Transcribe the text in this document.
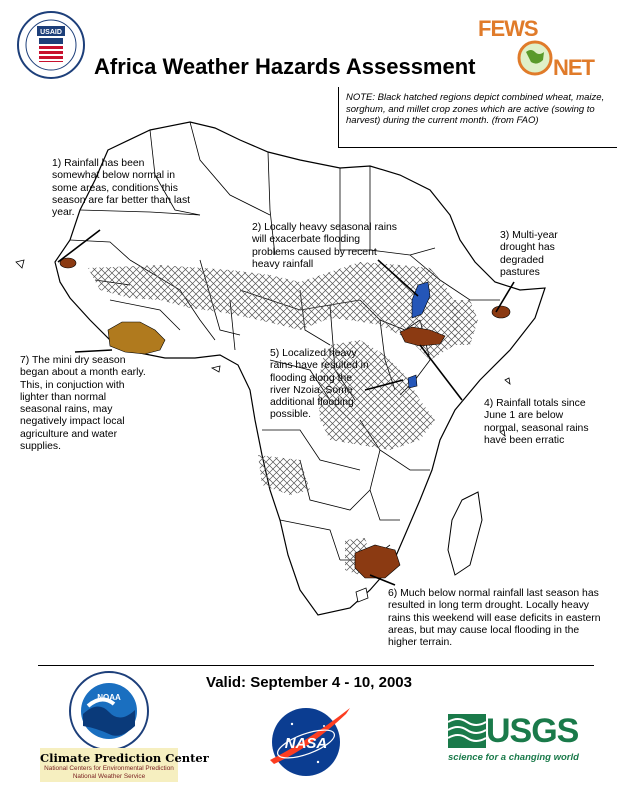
USAID
Africa Weather Hazards Assessment
FEWS
NET
NOTE: Black hatched regions depict combined wheat, maize, sorghum, and millet crop zones which are active (sowing to harvest) during the current month. (from FAO)
1) Rainfall has been somewhat below normal in some areas, conditions this season are far better than last year.
2) Locally heavy seasonal rains will exacerbate flooding problems caused by recent heavy rainfall
3) Multi-year drought has degraded pastures
4) Rainfall totals since June 1 are below normal, seasonal rains have been erratic
5) Localized heavy rains have resulted in flooding along the river Nzoia. Some additional flooding possible.
6) Much below normal rainfall last season has resulted in long term drought. Locally heavy rains this weekend will ease deficits in eastern areas, but may cause local flooding in the higher terrain.
7) The mini dry season began about a month early. This, in conjuction with lighter than normal seasonal rains, may negatively impact local agriculture and water supplies.
Valid: September 4 - 10, 2003
NOAA
Climate Prediction Center
National Centers for Environmental Prediction
National Weather Service
NASA	USGS
science for a changing world
